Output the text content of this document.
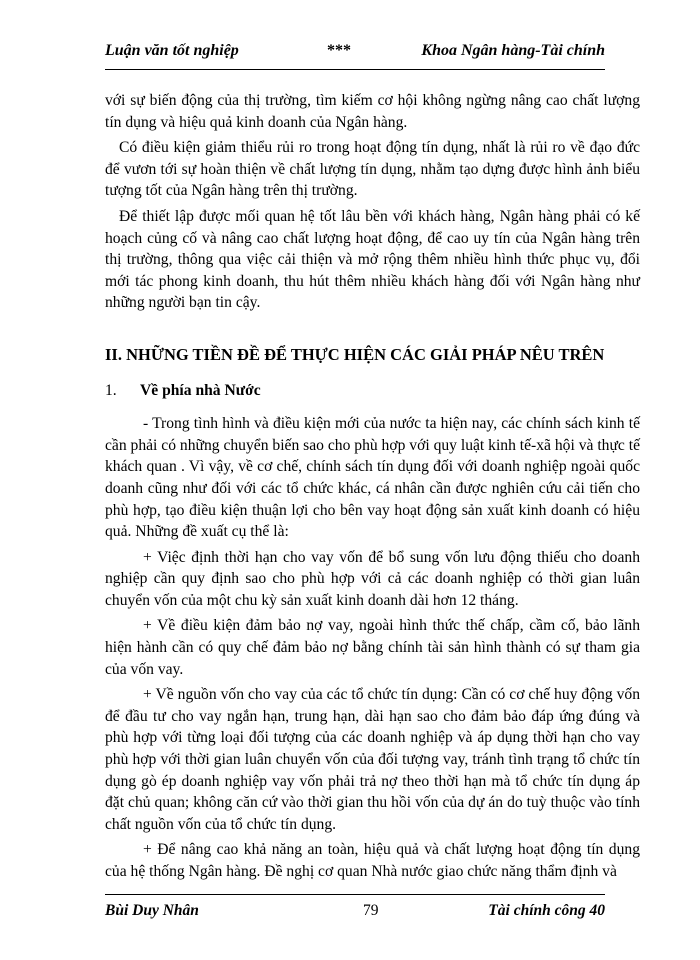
Luận văn tốt nghiệp	***	Khoa Ngân hàng-Tài chính

với sự biến động của thị trường, tìm kiếm cơ hội không ngừng nâng cao chất lượng tín dụng và hiệu quả kinh doanh của Ngân hàng.

Có điều kiện giảm thiểu rủi ro trong hoạt động tín dụng, nhất là rủi ro về đạo đức để vươn tới sự hoàn thiện về chất lượng tín dụng, nhằm tạo dựng được hình ảnh biểu tượng tốt của Ngân hàng trên thị trường.

Để thiết lập được mối quan hệ tốt lâu bền với khách hàng, Ngân hàng phải có kế hoạch củng cố và nâng cao chất lượng hoạt động, để cao uy tín của Ngân hàng trên thị trường, thông qua việc cải thiện và mở rộng thêm nhiều hình thức phục vụ, đổi mới tác phong kinh doanh, thu hút thêm nhiều khách hàng đối với Ngân hàng như những người bạn tin cậy.

II. NHỮNG TIỀN ĐỀ ĐỂ THỰC HIỆN CÁC GIẢI PHÁP NÊU TRÊN

1. Về phía nhà Nước

- Trong tình hình và điều kiện mới của nước ta hiện nay, các chính sách kinh tế cần phải có những chuyển biến sao cho phù hợp với quy luật kinh tế-xã hội và thực tế khách quan . Vì vậy, về cơ chế, chính sách tín dụng đối với doanh nghiệp ngoài quốc doanh cũng như đối với các tổ chức khác, cá nhân cần được nghiên cứu cải tiến cho phù hợp, tạo điều kiện thuận lợi cho bên vay hoạt động sản xuất kinh doanh có hiệu quả. Những đề xuất cụ thể là:

+ Việc định thời hạn cho vay vốn để bổ sung vốn lưu động thiếu cho doanh nghiệp cần quy định sao cho phù hợp với cả các doanh nghiệp có thời gian luân chuyển vốn của một chu kỳ sản xuất kinh doanh dài hơn 12 tháng.

+ Về điều kiện đảm bảo nợ vay, ngoài hình thức thế chấp, cầm cố, bảo lãnh hiện hành cần có quy chế đảm bảo nợ bằng chính tài sản hình thành có sự tham gia của vốn vay.

+ Về nguồn vốn cho vay của các tổ chức tín dụng: Cần có cơ chế huy động vốn để đầu tư cho vay ngắn hạn, trung hạn, dài hạn sao cho đảm bảo đáp ứng đúng và phù hợp với từng loại đối tượng của các doanh nghiệp và áp dụng thời hạn cho vay phù hợp với thời gian luân chuyển vốn của đối tượng vay, tránh tình trạng tổ chức tín dụng gò ép doanh nghiệp vay vốn phải trả nợ theo thời hạn mà tổ chức tín dụng áp đặt chủ quan; không căn cứ vào thời gian thu hồi vốn của dự án do tuỳ thuộc vào tính chất nguồn vốn của tổ chức tín dụng.

+ Để nâng cao khả năng an toàn, hiệu quả và chất lượng hoạt động tín dụng của hệ thống Ngân hàng. Đề nghị cơ quan Nhà nước giao chức năng thẩm định và

Bùi Duy Nhân	79	Tài chính công 40
